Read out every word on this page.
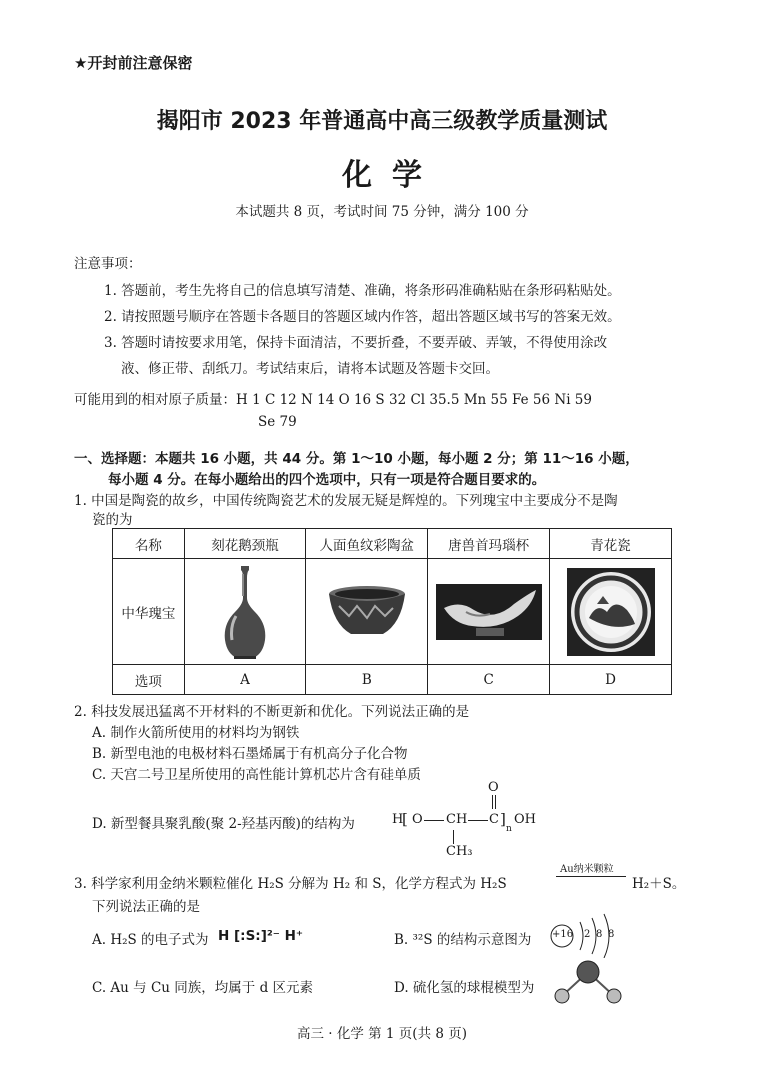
★开封前注意保密
揭阳市 2023 年普通高中高三级教学质量测试
化学
本试题共 8 页，考试时间 75 分钟，满分 100 分
注意事项：
1. 答题前，考生先将自己的信息填写清楚、准确，将条形码准确粘贴在条形码粘贴处。
2. 请按照题号顺序在答题卡各题目的答题区域内作答，超出答题区域书写的答案无效。
3. 答题时请按要求用笔，保持卡面清洁，不要折叠，不要弄破、弄皱，不得使用涂改
液、修正带、刮纸刀。考试结束后，请将本试题及答题卡交回。
可能用到的相对原子质量：H 1 C 12 N 14 O 16 S 32 Cl 35.5 Mn 55 Fe 56 Ni 59
Se 79
一、选择题：本题共 16 小题，共 44 分。第 1～10 小题，每小题 2 分；第 11～16 小题，
每小题 4 分。在每小题给出的四个选项中，只有一项是符合题目要求的。
1. 中国是陶瓷的故乡，中国传统陶瓷艺术的发展无疑是辉煌的。下列瑰宝中主要成分不是陶
瓷的为
名称	刻花鹅颈瓶	人面鱼纹彩陶盆	唐兽首玛瑙杯	青花瓷
中华瑰宝				
选项	A	B	C	D
2. 科技发展迅猛离不开材料的不断更新和优化。下列说法正确的是
A. 制作火箭所使用的材料均为钢铁
B. 新型电池的电极材料石墨烯属于有机高分子化合物
C. 天宫二号卫星所使用的高性能计算机芯片含有硅单质
D. 新型餐具聚乳酸(聚 2-羟基丙酸)的结构为
O
H
[ O CH C ]
n
OH
CH₃
3. 科学家利用金纳米颗粒催化 H₂S 分解为 H₂ 和 S，化学方程式为 H₂S
Au纳米颗粒
H₂＋S。
下列说法正确的是
A. H₂S 的电子式为 H [:S:]²⁻ H⁺	B. ³²S 的结构示意图为 +16 2 8 8
C. Au 与 Cu 同族，均属于 d 区元素	D. 硫化氢的球棍模型为
高三 · 化学 第 1 页(共 8 页)
